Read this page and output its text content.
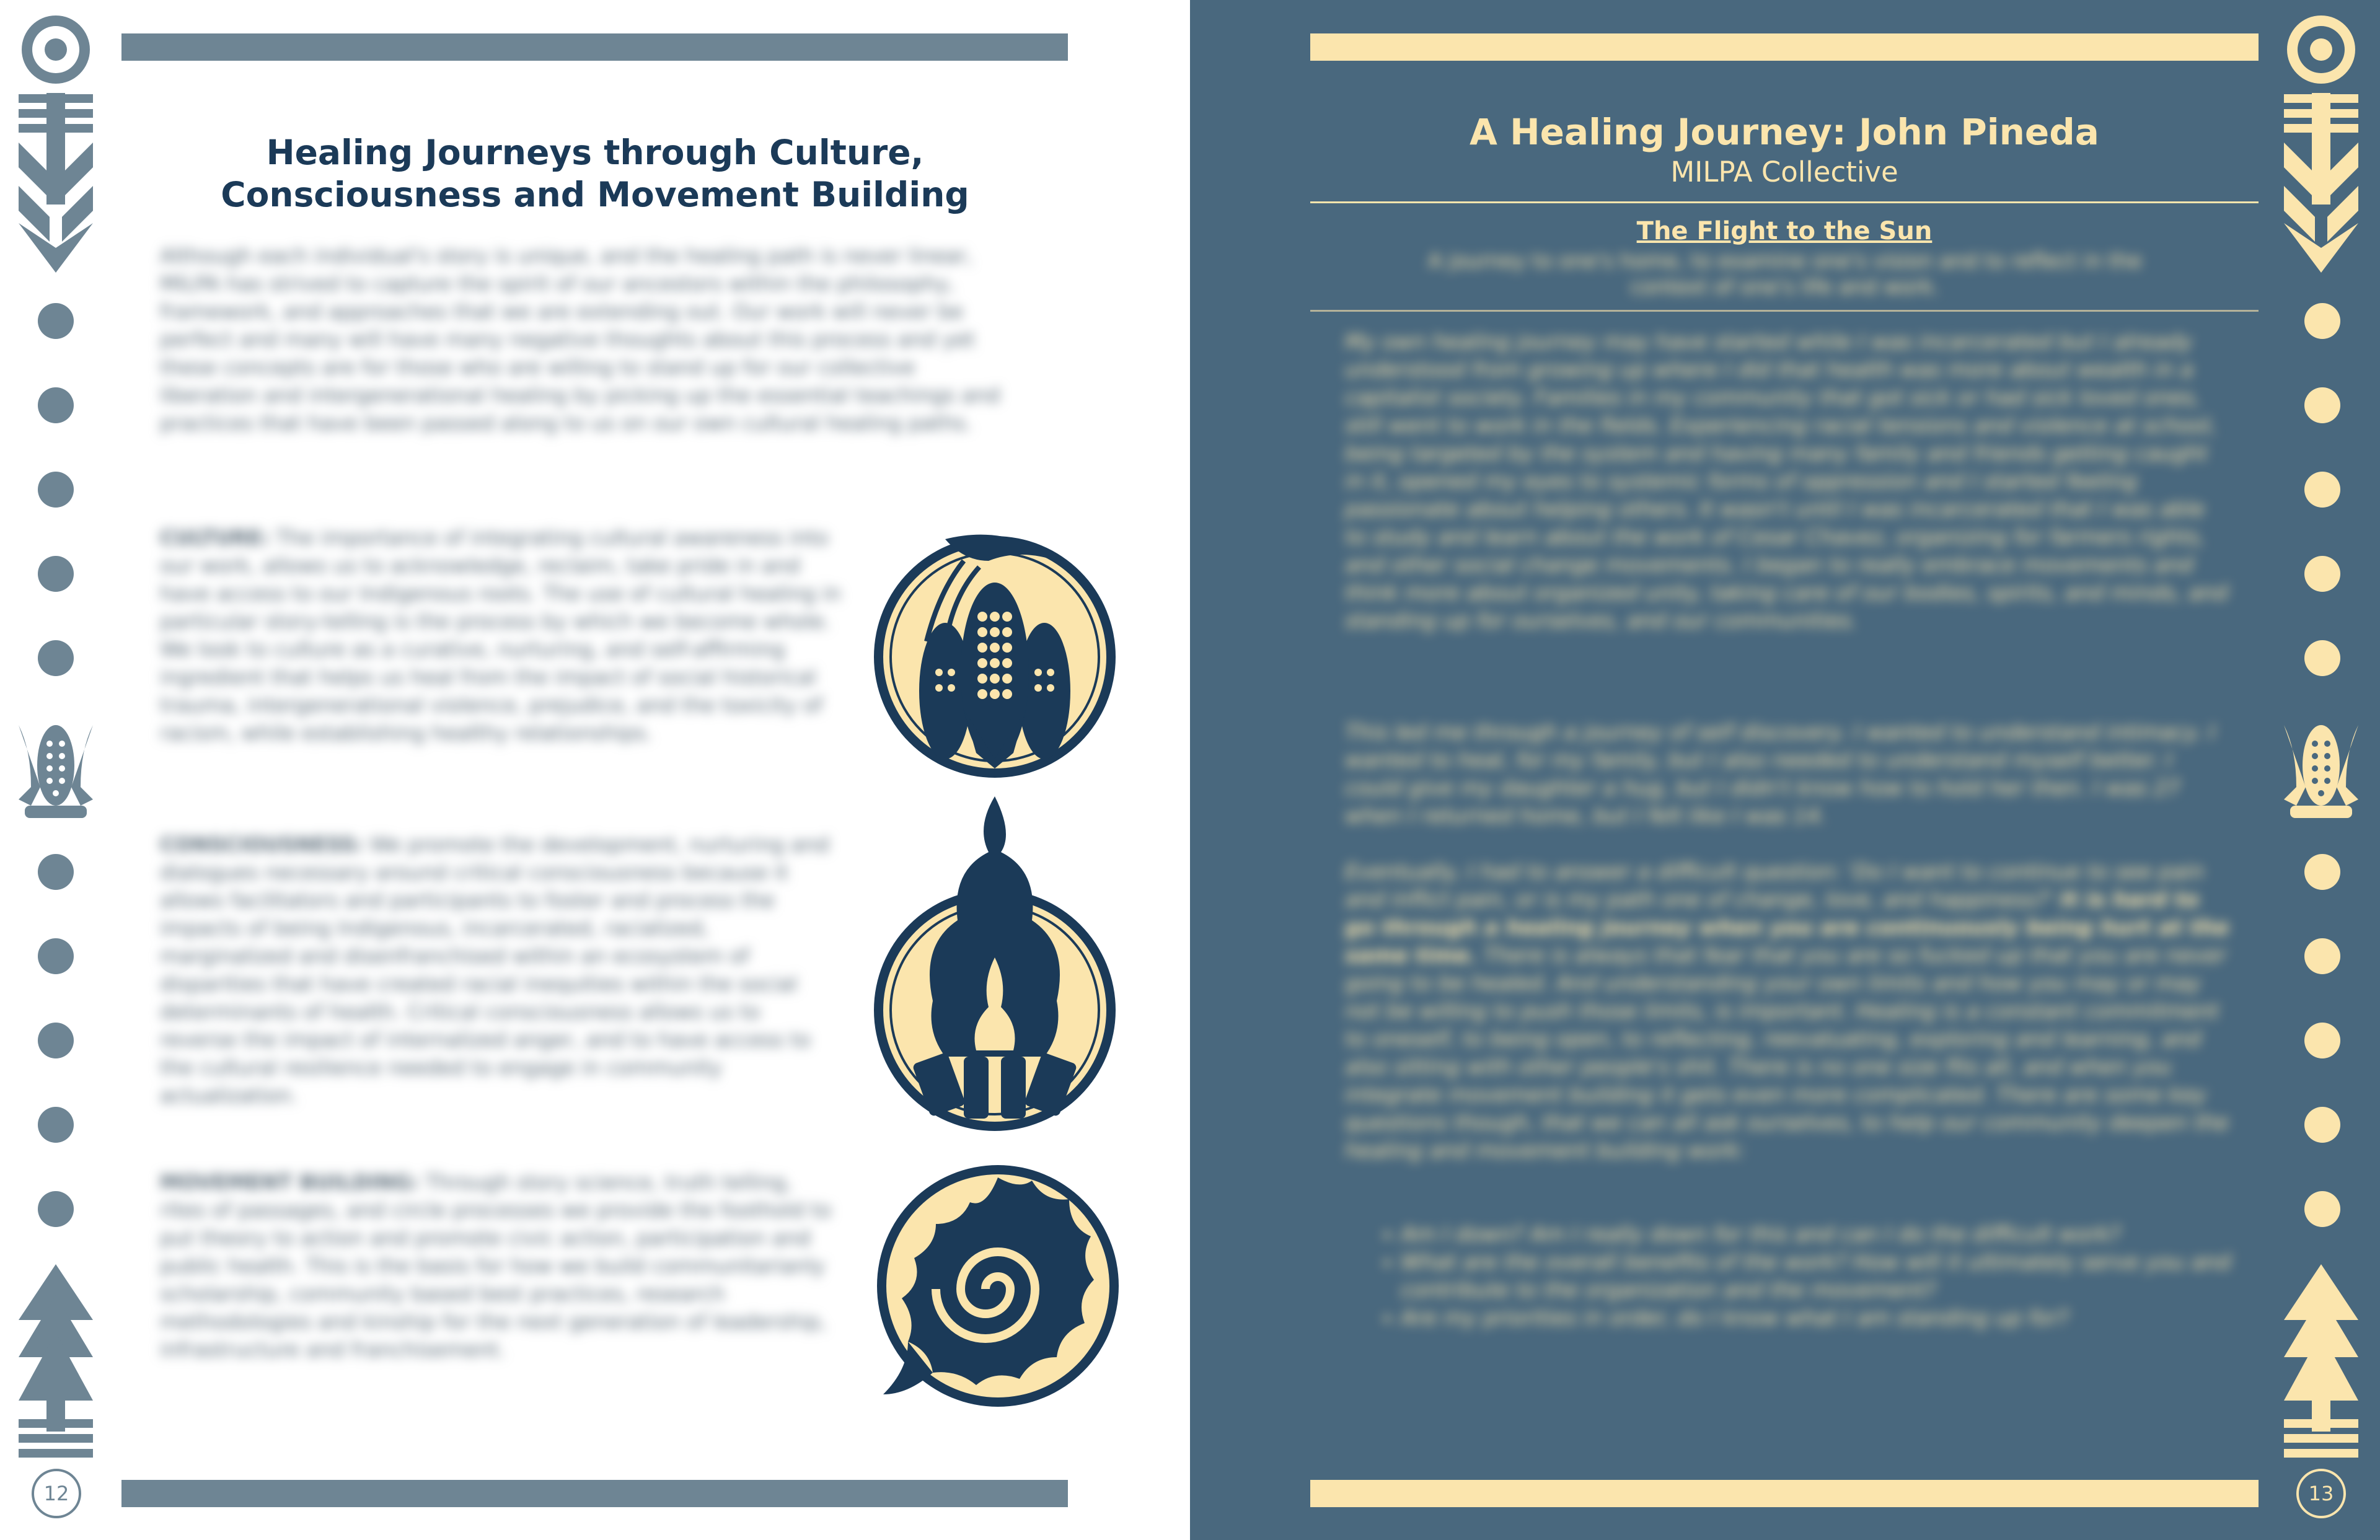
12
Healing Journeys through Culture, Consciousness and Movement Building

Although each individual's story is unique, and the healing path is never linear, MILPA has strived to capture the spirit of our ancestors within the philosophy, framework, and approaches that we are extending out. Our work will never be perfect and many will have many negative thoughts about this process and yet these concepts are for those who are willing to stand up for our collective liberation and intergenerational healing by picking up the essential teachings and practices that have been passed along to us on our own cultural healing paths.

CULTURE: The importance of integrating cultural awareness into our work, allows us to acknowledge, reclaim, take pride in and have access to our Indigenous roots. The use of cultural healing in particular story-telling is the process by which we become whole. We look to culture as a curative, nurturing, and self-affirming ingredient that helps us heal from the impact of social historical trauma, intergenerational violence, prejudice, and the toxicity of racism, while establishing healthy relationships.

CONSCIOUSNESS: We promote the development, nurturing and dialogues necessary around critical consciousness because it allows facilitators and participants to foster and process the impacts of being Indigenous, incarcerated, racialized, marginalized and disenfranchised within an ecosystem of disparities that have created racial inequities within the social determinants of health. Critical consciousness allows us to reverse the impact of internalized anger, and to have access to the cultural resilience needed to engage in community actualization.

MOVEMENT BUILDING: Through story science, truth telling, rites of passages, and circle processes we provide the foothold to put theory to action and promote civic action, participation and public health. This is the basis for how we build communitarianly scholarship, community based best practices, research methodologies and kinship for the next generation of leadership, infrastructure and franchisement.

13
A Healing Journey: John Pineda
MILPA Collective
The Flight to the Sun
A journey to one's home, to examine one's vision and to reflect in the context of one's life and work.

My own healing journey may have started while I was incarcerated but I already understood from growing up where I did that health was more about wealth in a capitalist society. Families in my community that got sick or had sick loved ones, still went to work in the fields. Experiencing racial tensions and violence at school, being targeted by the system and having many family and friends getting caught in it, opened my eyes to systemic forms of oppression and I started feeling passionate about helping others. It wasn't until I was incarcerated that I was able to study and learn about the work of Cesar Chavez, organizing for farmers rights, and other social change movements. I began to really embrace movements and think more about organized unity, taking care of our bodies, spirits, and minds, and standing up for ourselves, and our communities.

This led me through a journey of self discovery. I wanted to understand intimacy. I wanted to heal, for my family, but I also needed to understand myself better. I could give my daughter a hug, but I didn't know how to hold her then. I was 27 when I returned home, but I felt like I was 14.

Eventually, I had to answer a difficult question: 'Do I want to continue to see pain and inflict pain, or is my path one of change, love, and happiness?' It is hard to go through a healing journey when you are continuously being hurt at the same time. There is always that fear that you are so fucked up that you are never going to be healed. And understanding your own limits and how you may or may not be willing to push those limits, is important. Healing is a constant commitment to oneself, to being open, to reflecting, reevaluating, exploring and learning, and also sitting with other people's shit. There is no one size fits all, and when you integrate movement building it gets even more complicated. There are some key questions though, that we can all ask ourselves, to help our community deepen the healing and movement building work:

• Am I down? Am I really down for this and can I do the difficult work?
• What are the overall benefits of the work? How will it ultimately serve you and contribute to the organization and the movement?
• Are my priorities in order, do I know what I am standing up for?
